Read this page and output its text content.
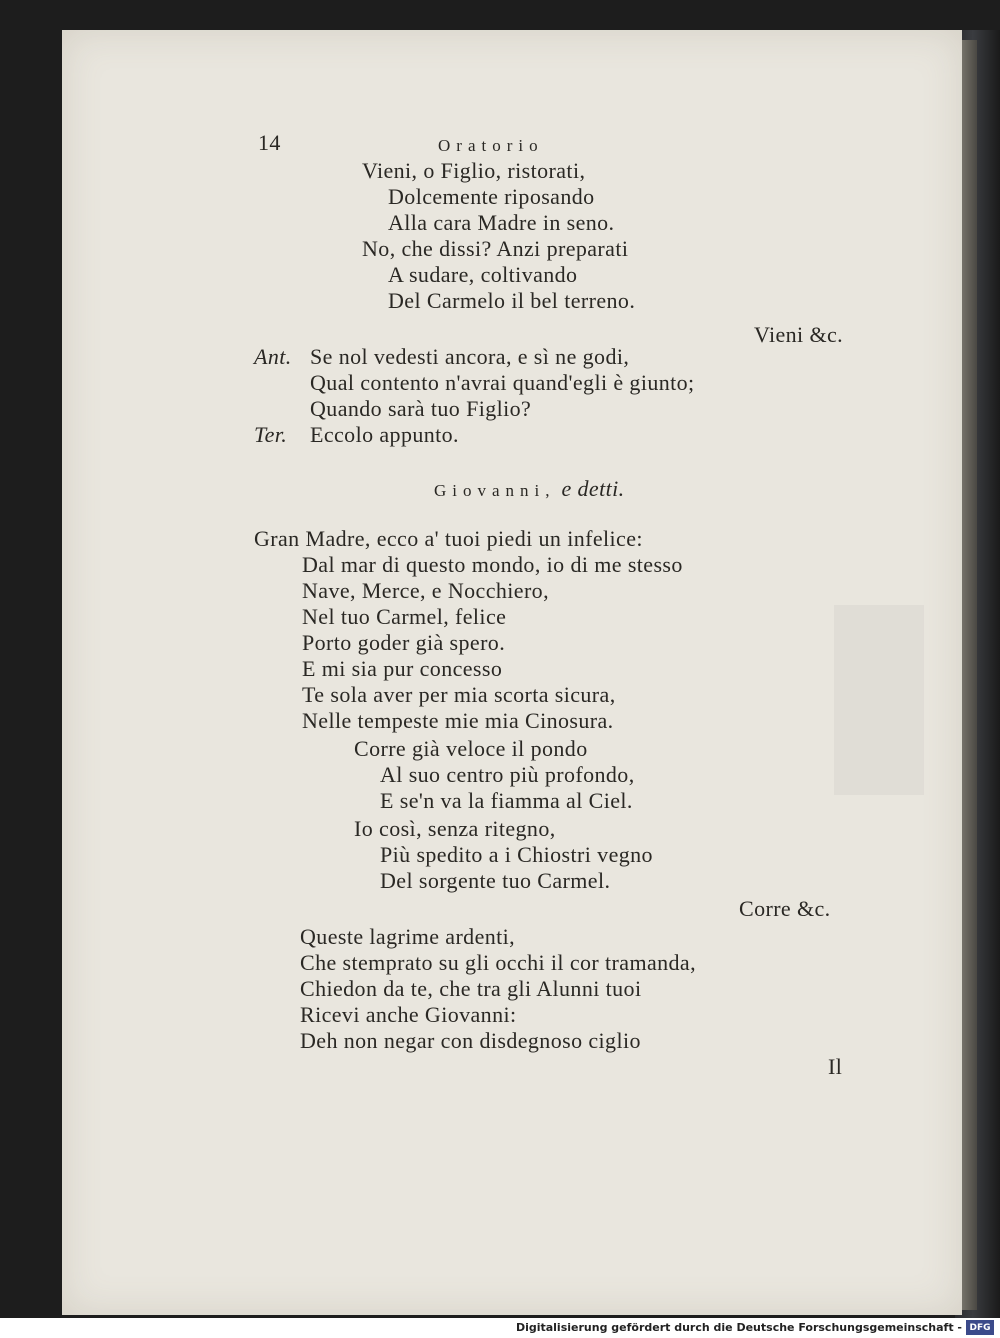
14	Oratorio

Vieni, o Figlio, ristorati,

Dolcemente riposando

Alla cara Madre in seno.

No, che dissi? Anzi preparati

A sudare, coltivando

Del Carmelo il bel terreno.

Vieni &c.

Ant. Se nol vedesti ancora, e sì ne godi,

Qual contento n'avrai quand'egli è giunto;

Quando sarà tuo Figlio?

Ter. Eccolo appunto.

Giovanni, e detti.

Gran Madre, ecco a' tuoi piedi un infelice:

Dal mar di questo mondo, io di me stesso

Nave, Merce, e Nocchiero,

Nel tuo Carmel, felice

Porto goder già spero.

E mi sia pur concesso

Te sola aver per mia scorta sicura,

Nelle tempeste mie mia Cinosura.

Corre già veloce il pondo

Al suo centro più profondo,

E se'n va la fiamma al Ciel.

Io così, senza ritegno,

Più spedito a i Chiostri vegno

Del sorgente tuo Carmel.

Corre &c.

Queste lagrime ardenti,

Che stemprato su gli occhi il cor tramanda,

Chiedon da te, che tra gli Alunni tuoi

Ricevi anche Giovanni:

Deh non negar con disdegnoso ciglio

Il

Digitalisierung gefördert durch die Deutsche Forschungsgemeinschaft - DFG
